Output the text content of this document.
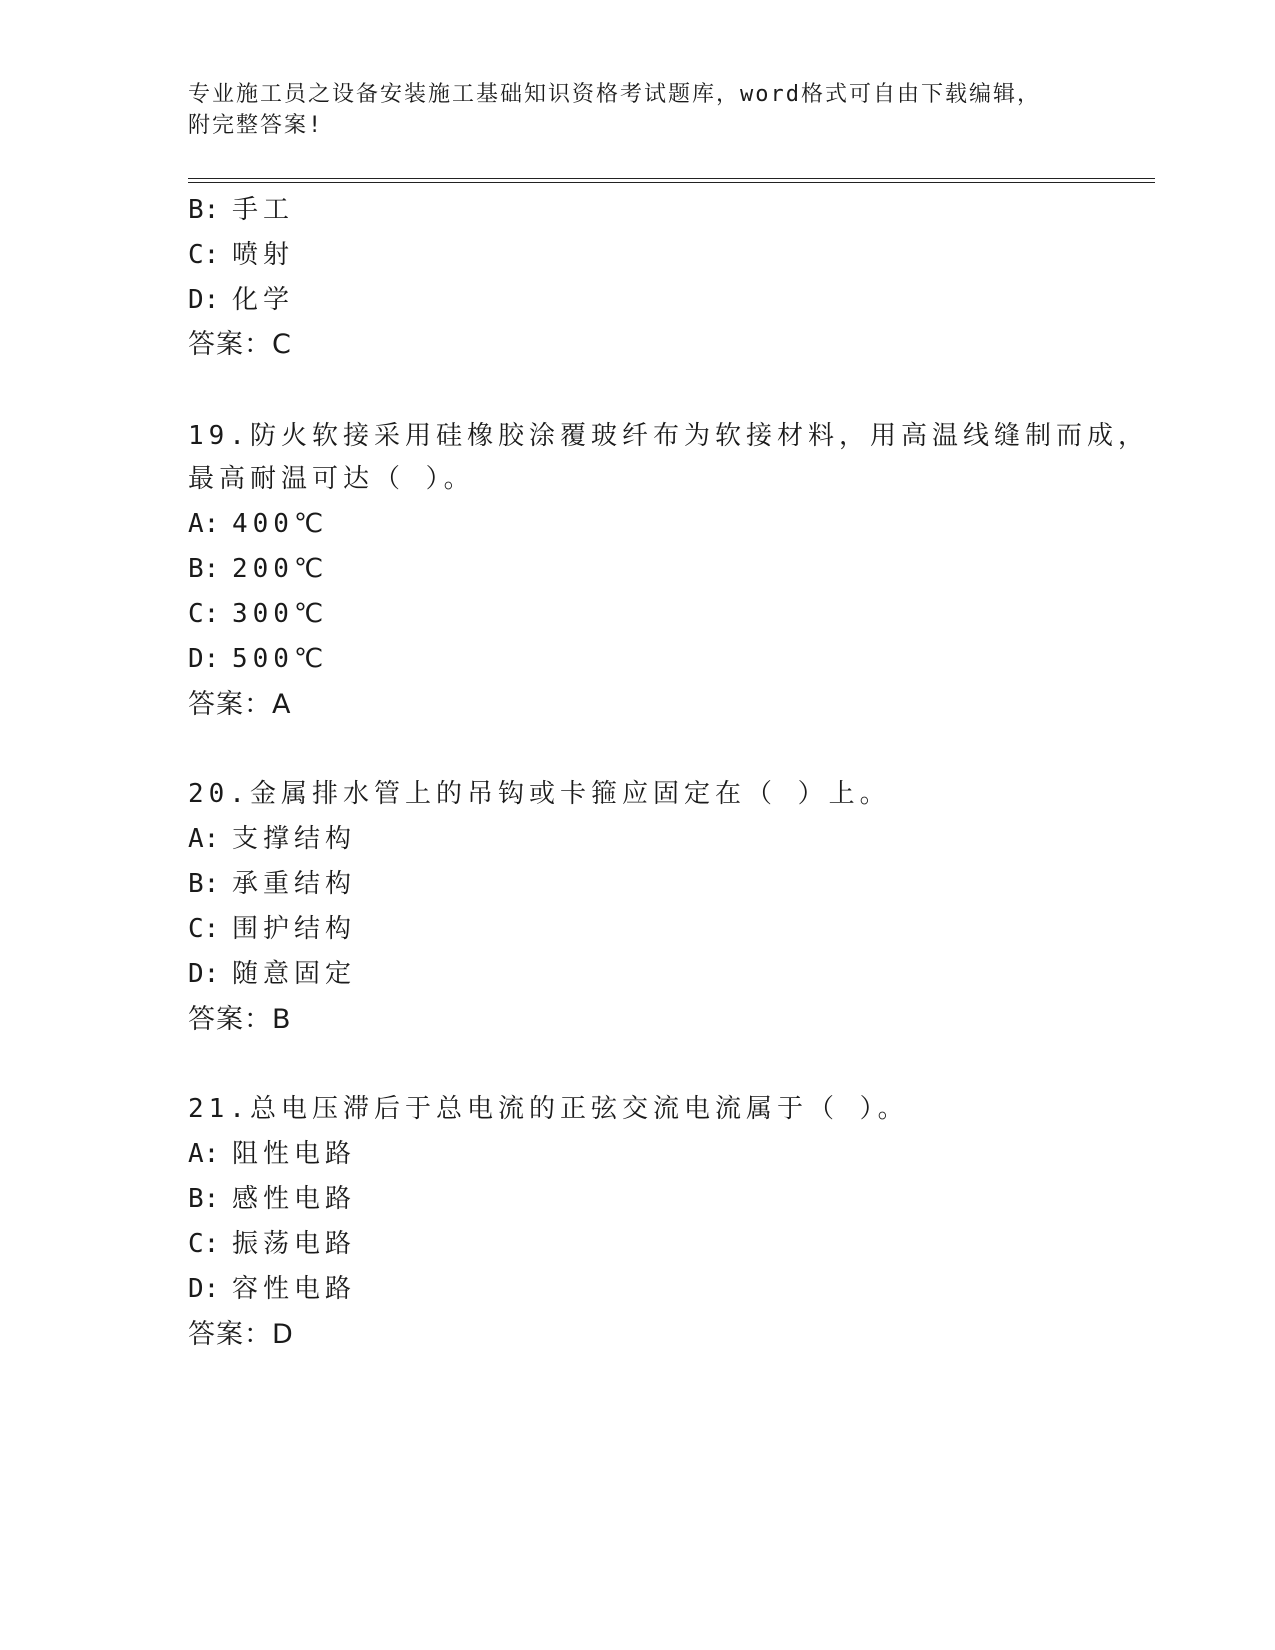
专业施工员之设备安装施工基础知识资格考试题库，word格式可自由下载编辑，
附完整答案!
B: 手工
C: 喷射
D: 化学
答案：C
19.防火软接采用硅橡胶涂覆玻纤布为软接材料，用高温线缝制而成，
最高耐温可达（ ）。
A: 400℃
B: 200℃
C: 300℃
D: 500℃
答案：A
20.金属排水管上的吊钩或卡箍应固定在（ ）上。
A: 支撑结构
B: 承重结构
C: 围护结构
D: 随意固定
答案：B
21.总电压滞后于总电流的正弦交流电流属于（ ）。
A: 阻性电路
B: 感性电路
C: 振荡电路
D: 容性电路
答案：D
